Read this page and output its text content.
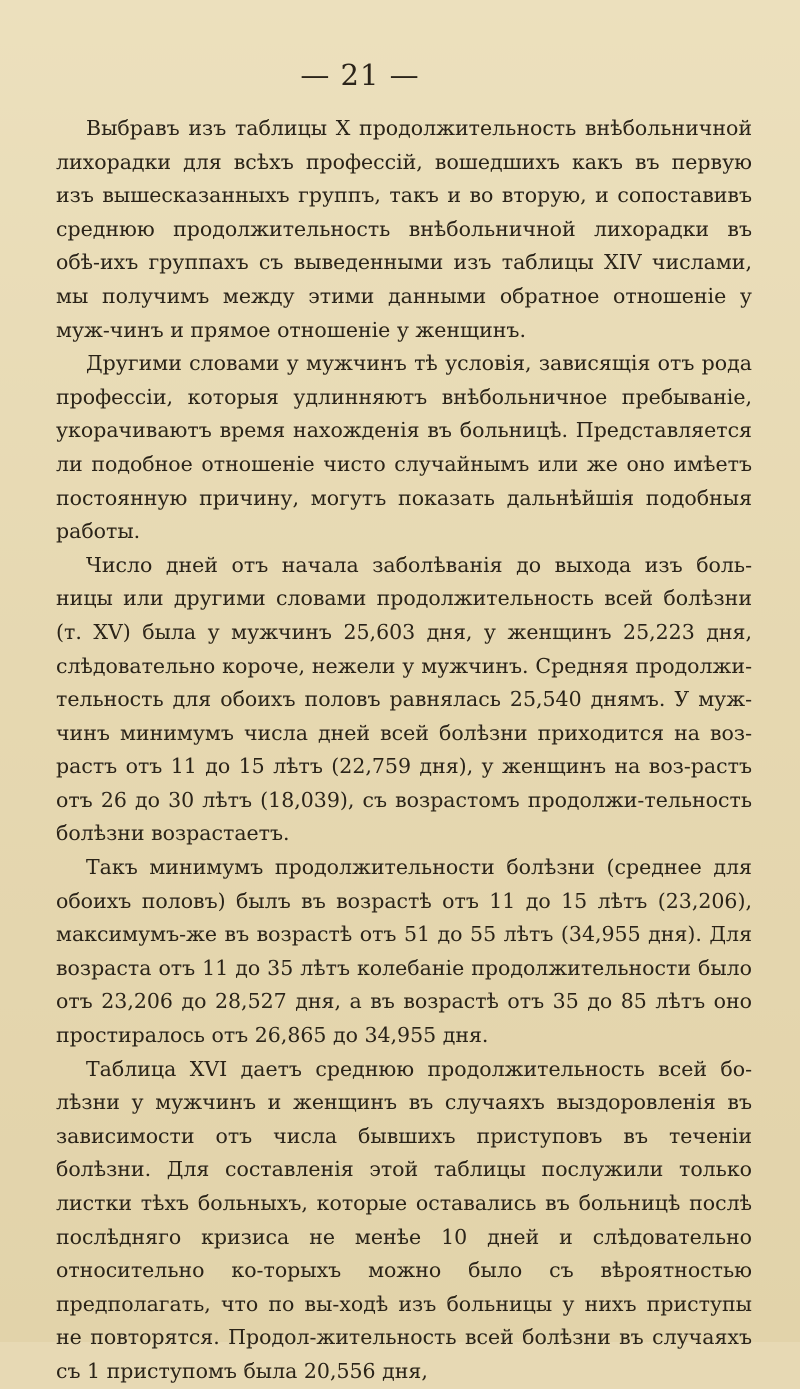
— 21 —

Выбравъ изъ таблицы X продолжительность внѣбольничной лихорадки для всѣхъ профессій, вошедшихъ какъ въ первую изъ вышесказанныхъ группъ, такъ и во вторую, и сопоставивъ среднюю продолжительность внѣбольничной лихорадки въ обѣ-ихъ группахъ съ выведенными изъ таблицы XIV числами, мы получимъ между этими данными обратное отношеніе у муж-чинъ и прямое отношеніе у женщинъ.

Другими словами у мужчинъ тѣ условія, зависящія отъ рода профессіи, которыя удлинняютъ внѣбольничное пребываніе, укорачиваютъ время нахожденія въ больницѣ. Представляется ли подобное отношеніе чисто случайнымъ или же оно имѣетъ постоянную причину, могутъ показать дальнѣйшія подобныя работы.

Число дней отъ начала заболѣванія до выхода изъ боль-ницы или другими словами продолжительность всей болѣзни (т. XV) была у мужчинъ 25,603 дня, у женщинъ 25,223 дня, слѣдовательно короче, нежели у мужчинъ. Средняя продолжи-тельность для обоихъ половъ равнялась 25,540 днямъ. У муж-чинъ минимумъ числа дней всей болѣзни приходится на воз-растъ отъ 11 до 15 лѣтъ (22,759 дня), у женщинъ на воз-растъ отъ 26 до 30 лѣтъ (18,039), съ возрастомъ продолжи-тельность болѣзни возрастаетъ.

Такъ минимумъ продолжительности болѣзни (среднее для обоихъ половъ) былъ въ возрастѣ отъ 11 до 15 лѣтъ (23,206), максимумъ-же въ возрастѣ отъ 51 до 55 лѣтъ (34,955 дня). Для возраста отъ 11 до 35 лѣтъ колебаніе продолжительности было отъ 23,206 до 28,527 дня, а въ возрастѣ отъ 35 до 85 лѣтъ оно простиралось отъ 26,865 до 34,955 дня.

Таблица XVI даетъ среднюю продолжительность всей бо-лѣзни у мужчинъ и женщинъ въ случаяхъ выздоровленія въ зависимости отъ числа бывшихъ приступовъ въ теченіи болѣзни. Для составленія этой таблицы послужили только листки тѣхъ больныхъ, которые оставались въ больницѣ послѣ послѣдняго кризиса не менѣе 10 дней и слѣдовательно относительно ко-торыхъ можно было съ вѣроятностью предполагать, что по вы-ходѣ изъ больницы у нихъ приступы не повторятся. Продол-жительность всей болѣзни въ случаяхъ съ 1 приступомъ была 20,556 дня,
